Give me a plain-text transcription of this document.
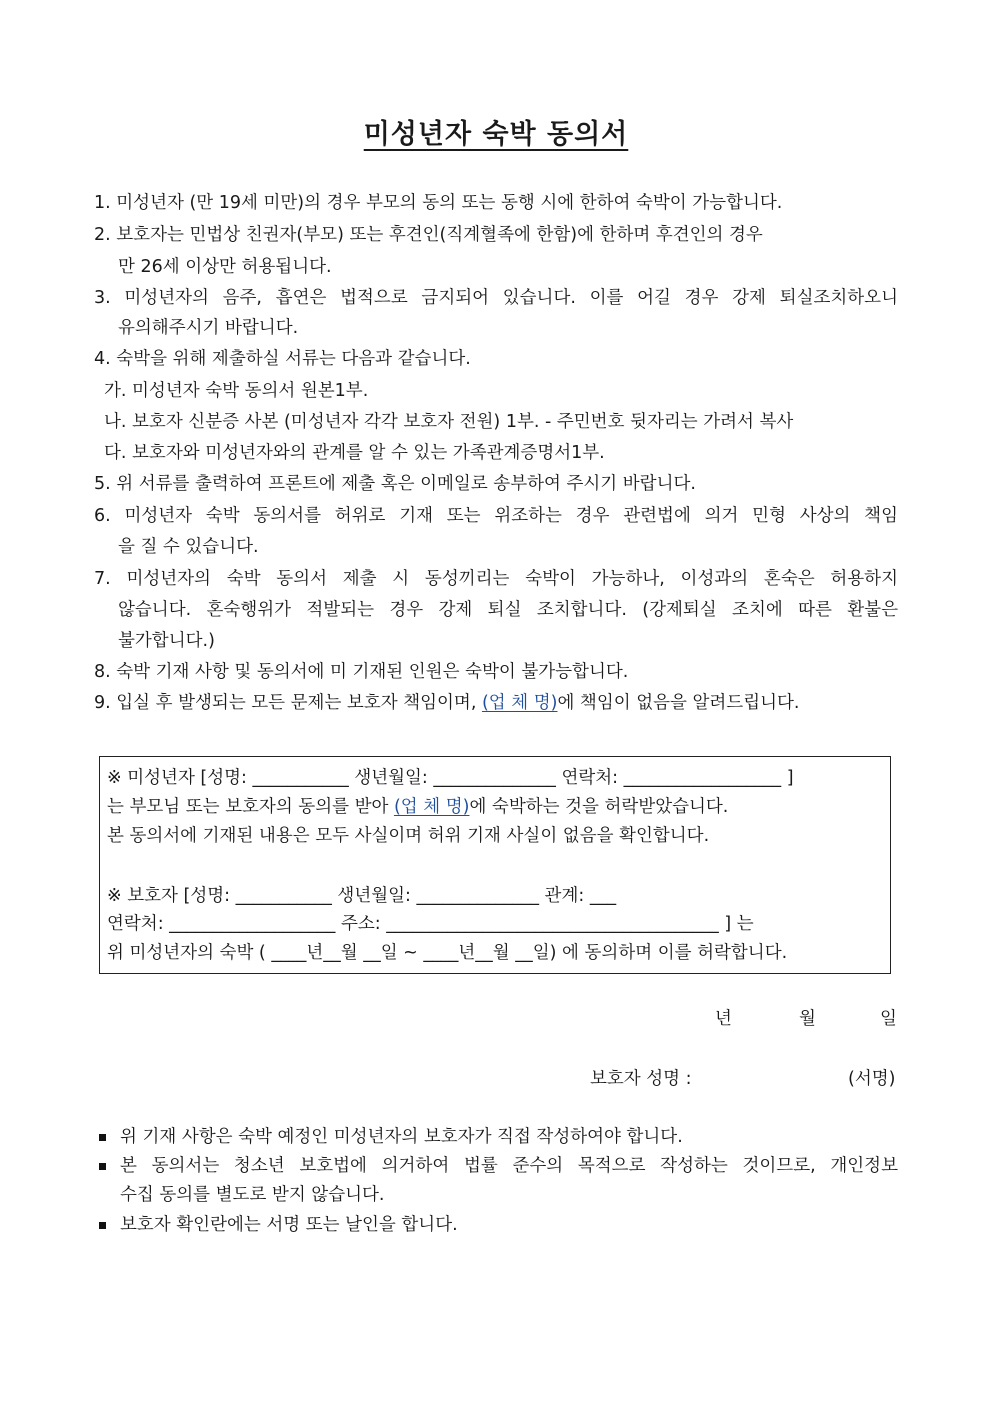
미성년자 숙박 동의서
1. 미성년자 (만 19세 미만)의 경우 부모의 동의 또는 동행 시에 한하여 숙박이 가능합니다.
2. 보호자는 민법상 친권자(부모) 또는 후견인(직계혈족에 한함)에 한하며 후견인의 경우
만 26세 이상만 허용됩니다.
3. 미성년자의 음주, 흡연은 법적으로 금지되어 있습니다. 이를 어길 경우 강제 퇴실조치하오니
유의해주시기 바랍니다.
4. 숙박을 위해 제출하실 서류는 다음과 같습니다.
가. 미성년자 숙박 동의서 원본1부.
나. 보호자 신분증 사본 (미성년자 각각 보호자 전원) 1부. - 주민번호 뒷자리는 가려서 복사
다. 보호자와 미성년자와의 관계를 알 수 있는 가족관계증명서1부.
5. 위 서류를 출력하여 프론트에 제출 혹은 이메일로 송부하여 주시기 바랍니다.
6. 미성년자 숙박 동의서를 허위로 기재 또는 위조하는 경우 관련법에 의거 민형 사상의 책임
을 질 수 있습니다.
7. 미성년자의 숙박 동의서 제출 시 동성끼리는 숙박이 가능하나, 이성과의 혼숙은 허용하지
않습니다. 혼숙행위가 적발되는 경우 강제 퇴실 조치합니다. (강제퇴실 조치에 따른 환불은
불가합니다.)
8. 숙박 기재 사항 및 동의서에 미 기재된 인원은 숙박이 불가능합니다.
9. 입실 후 발생되는 모든 문제는 보호자 책임이며, (업 체 명)에 책임이 없음을 알려드립니다.
※ 미성년자 [성명: ___________ 생년월일: ______________ 연락처: __________________ ]
는 부모님 또는 보호자의 동의를 받아 (업 체 명)에 숙박하는 것을 허락받았습니다.
본 동의서에 기재된 내용은 모두 사실이며 허위 기재 사실이 없음을 확인합니다.
※ 보호자 [성명: ___________ 생년월일: ______________ 관계: ___
연락처: ___________________ 주소: ______________________________________ ] 는
위 미성년자의 숙박 ( ____년__월 __일 ~ ____년__월 __일) 에 동의하며 이를 허락합니다.
년	월	일
보호자 성명 :	(서명)
위 기재 사항은 숙박 예정인 미성년자의 보호자가 직접 작성하여야 합니다.
본 동의서는 청소년 보호법에 의거하여 법률 준수의 목적으로 작성하는 것이므로, 개인정보
수집 동의를 별도로 받지 않습니다.
보호자 확인란에는 서명 또는 날인을 합니다.
